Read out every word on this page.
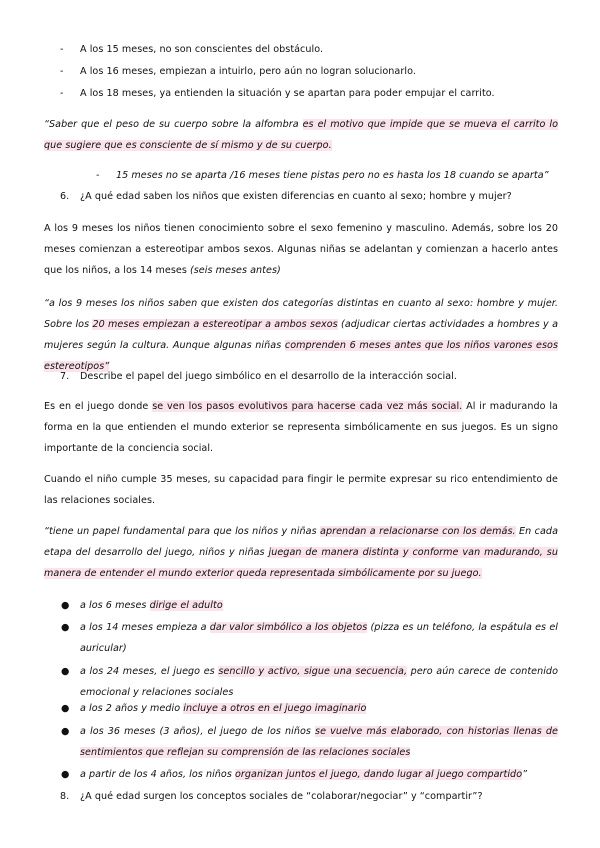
- A los 15 meses, no son conscientes del obstáculo.
- A los 16 meses, empiezan a intuirlo, pero aún no logran solucionarlo.
- A los 18 meses, ya entienden la situación y se apartan para poder empujar el carrito.
“Saber que el peso de su cuerpo sobre la alfombra es el motivo que impide que se mueva el carrito lo que sugiere que es consciente de sí mismo y de su cuerpo.
- 15 meses no se aparta /16 meses tiene pistas pero no es hasta los 18 cuando se aparta”
6. ¿A qué edad saben los niños que existen diferencias en cuanto al sexo; hombre y mujer?
A los 9 meses los niños tienen conocimiento sobre el sexo femenino y masculino. Además, sobre los 20 meses comienzan a estereotipar ambos sexos. Algunas niñas se adelantan y comienzan a hacerlo antes que los niños, a los 14 meses (seis meses antes)
“a los 9 meses los niños saben que existen dos categorías distintas en cuanto al sexo: hombre y mujer. Sobre los 20 meses empiezan a estereotipar a ambos sexos (adjudicar ciertas actividades a hombres y a mujeres según la cultura. Aunque algunas niñas comprenden 6 meses antes que los niños varones esos estereotipos”
7. Describe el papel del juego simbólico en el desarrollo de la interacción social.
Es en el juego donde se ven los pasos evolutivos para hacerse cada vez más social. Al ir madurando la forma en la que entienden el mundo exterior se representa simbólicamente en sus juegos. Es un signo importante de la conciencia social.
Cuando el niño cumple 35 meses, su capacidad para fingir le permite expresar su rico entendimiento de las relaciones sociales.
“tiene un papel fundamental para que los niños y niñas aprendan a relacionarse con los demás. En cada etapa del desarrollo del juego, niños y niñas juegan de manera distinta y conforme van madurando, su manera de entender el mundo exterior queda representada simbólicamente por su juego.
● a los 6 meses dirige el adulto
● a los 14 meses empieza a dar valor simbólico a los objetos (pizza es un teléfono, la espátula es el auricular)
● a los 24 meses, el juego es sencillo y activo, sigue una secuencia, pero aún carece de contenido emocional y relaciones sociales
● a los 2 años y medio incluye a otros en el juego imaginario
● a los 36 meses (3 años), el juego de los niños se vuelve más elaborado, con historias llenas de sentimientos que reflejan su comprensión de las relaciones sociales
● a partir de los 4 años, los niños organizan juntos el juego, dando lugar al juego compartido”
8. ¿A qué edad surgen los conceptos sociales de “colaborar/negociar” y “compartir”?
